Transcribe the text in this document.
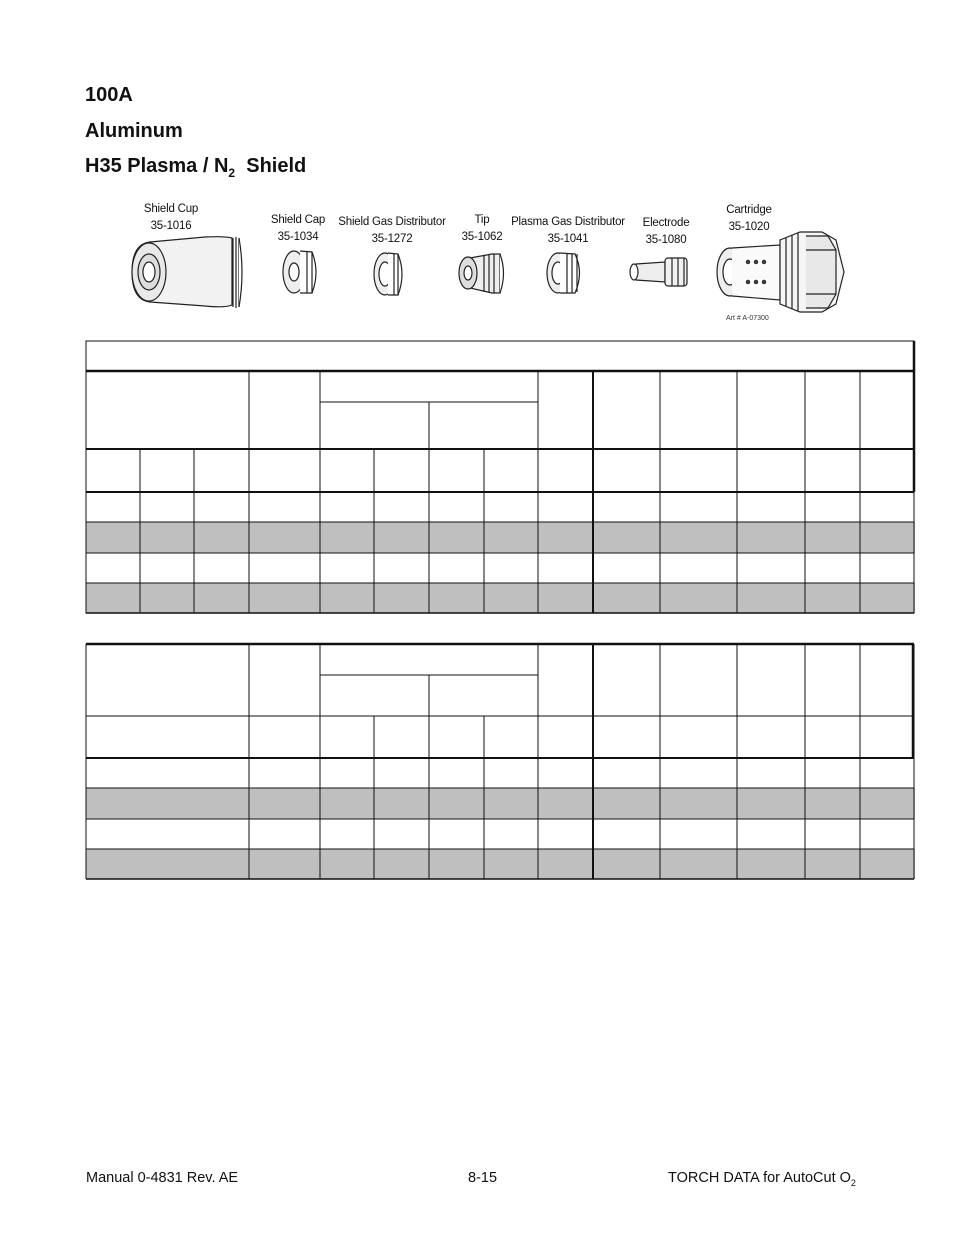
100A
Aluminum
H35 Plasma / $N_2$  Shield
Shield Cup
35-1016	Shield Cap
35-1034
Shield Gas Distributor
35-1272
Tip
35-1062
Plasma Gas Distributor
35-1041
Electrode
35-1080
Cartridge
35-1020
Art # A-07300
Manual 0-4831 Rev. AE	8-15	TORCH DATA for AutoCut $O_2$
